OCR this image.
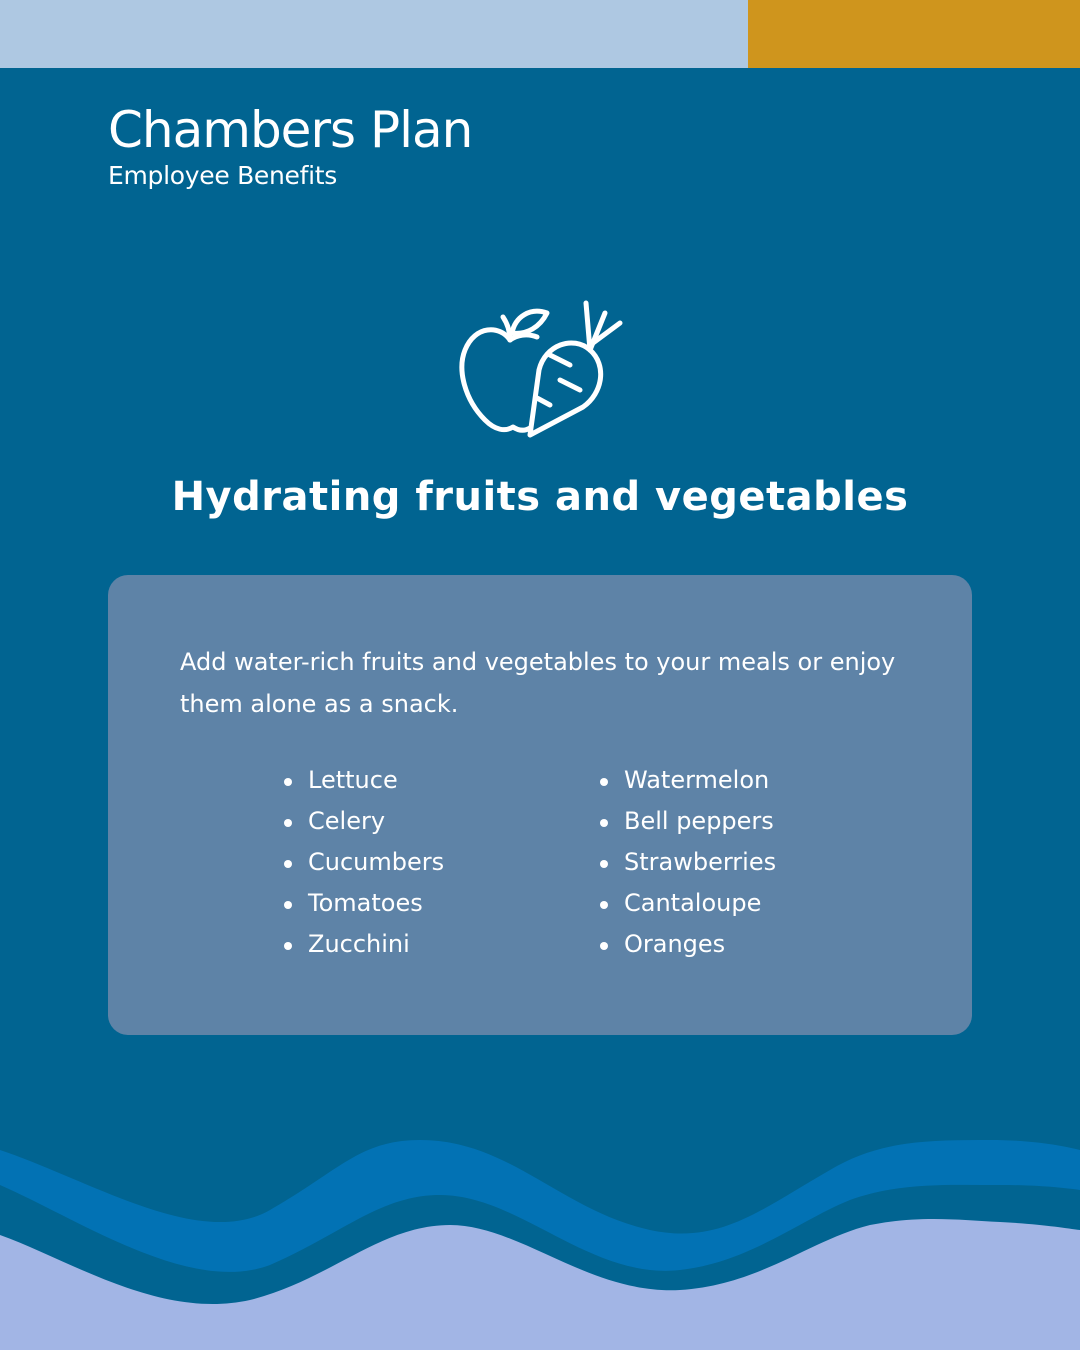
Chambers Plan
Employee Benefits
Hydrating fruits and vegetables

Add water-rich fruits and vegetables to your meals or enjoy them alone as a snack.

Lettuce
Celery
Cucumbers
Tomatoes
Zucchini
Watermelon
Bell peppers
Strawberries
Cantaloupe
Oranges
